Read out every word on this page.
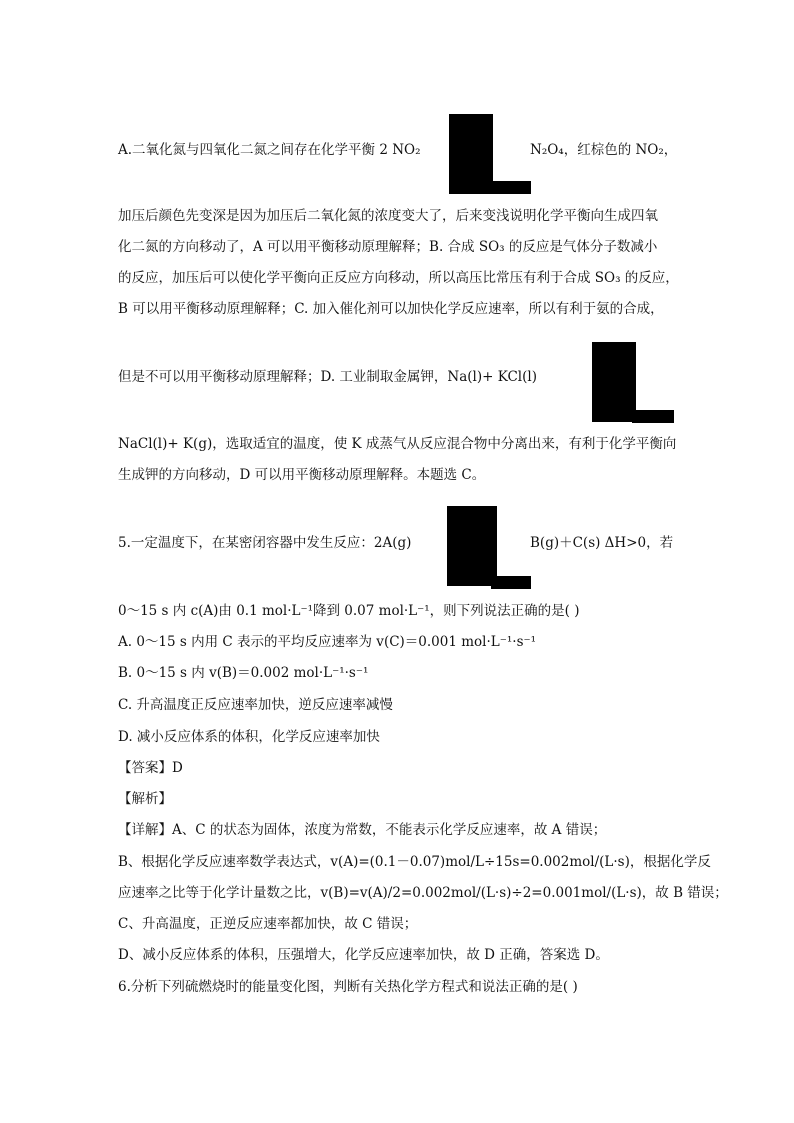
A.二氧化氮与四氧化二氮之间存在化学平衡 2 NO₂	N₂O₄，红棕色的 NO₂，
加压后颜色先变深是因为加压后二氧化氮的浓度变大了，后来变浅说明化学平衡向生成四氧
化二氮的方向移动了，A 可以用平衡移动原理解释；B. 合成 SO₃ 的反应是气体分子数减小
的反应，加压后可以使化学平衡向正反应方向移动，所以高压比常压有利于合成 SO₃ 的反应，
B 可以用平衡移动原理解释；C. 加入催化剂可以加快化学反应速率，所以有利于氨的合成，
但是不可以用平衡移动原理解释；D. 工业制取金属钾，Na(l)+ KCl(l)
NaCl(l)+ K(g)，选取适宜的温度，使 K 成蒸气从反应混合物中分离出来，有利于化学平衡向
生成钾的方向移动，D 可以用平衡移动原理解释。本题选 C。
5.一定温度下，在某密闭容器中发生反应：2A(g)	B(g)＋C(s) ΔH>0，若
0～15 s 内 c(A)由 0.1 mol·L⁻¹降到 0.07 mol·L⁻¹，则下列说法正确的是( )
A. 0～15 s 内用 C 表示的平均反应速率为 v(C)＝0.001 mol·L⁻¹·s⁻¹
B. 0～15 s 内 v(B)＝0.002 mol·L⁻¹·s⁻¹
C. 升高温度正反应速率加快，逆反应速率减慢
D. 减小反应体系的体积，化学反应速率加快
【答案】D
【解析】
【详解】A、C 的状态为固体，浓度为常数，不能表示化学反应速率，故 A 错误；
B、根据化学反应速率数学表达式，v(A)=(0.1－0.07)mol/L÷15s=0.002mol/(L·s)，根据化学反
应速率之比等于化学计量数之比，v(B)=v(A)/2=0.002mol/(L·s)÷2=0.001mol/(L·s)，故 B 错误；
C、升高温度，正逆反应速率都加快，故 C 错误；
D、减小反应体系的体积，压强增大，化学反应速率加快，故 D 正确，答案选 D。
6.分析下列硫燃烧时的能量变化图，判断有关热化学方程式和说法正确的是( )
